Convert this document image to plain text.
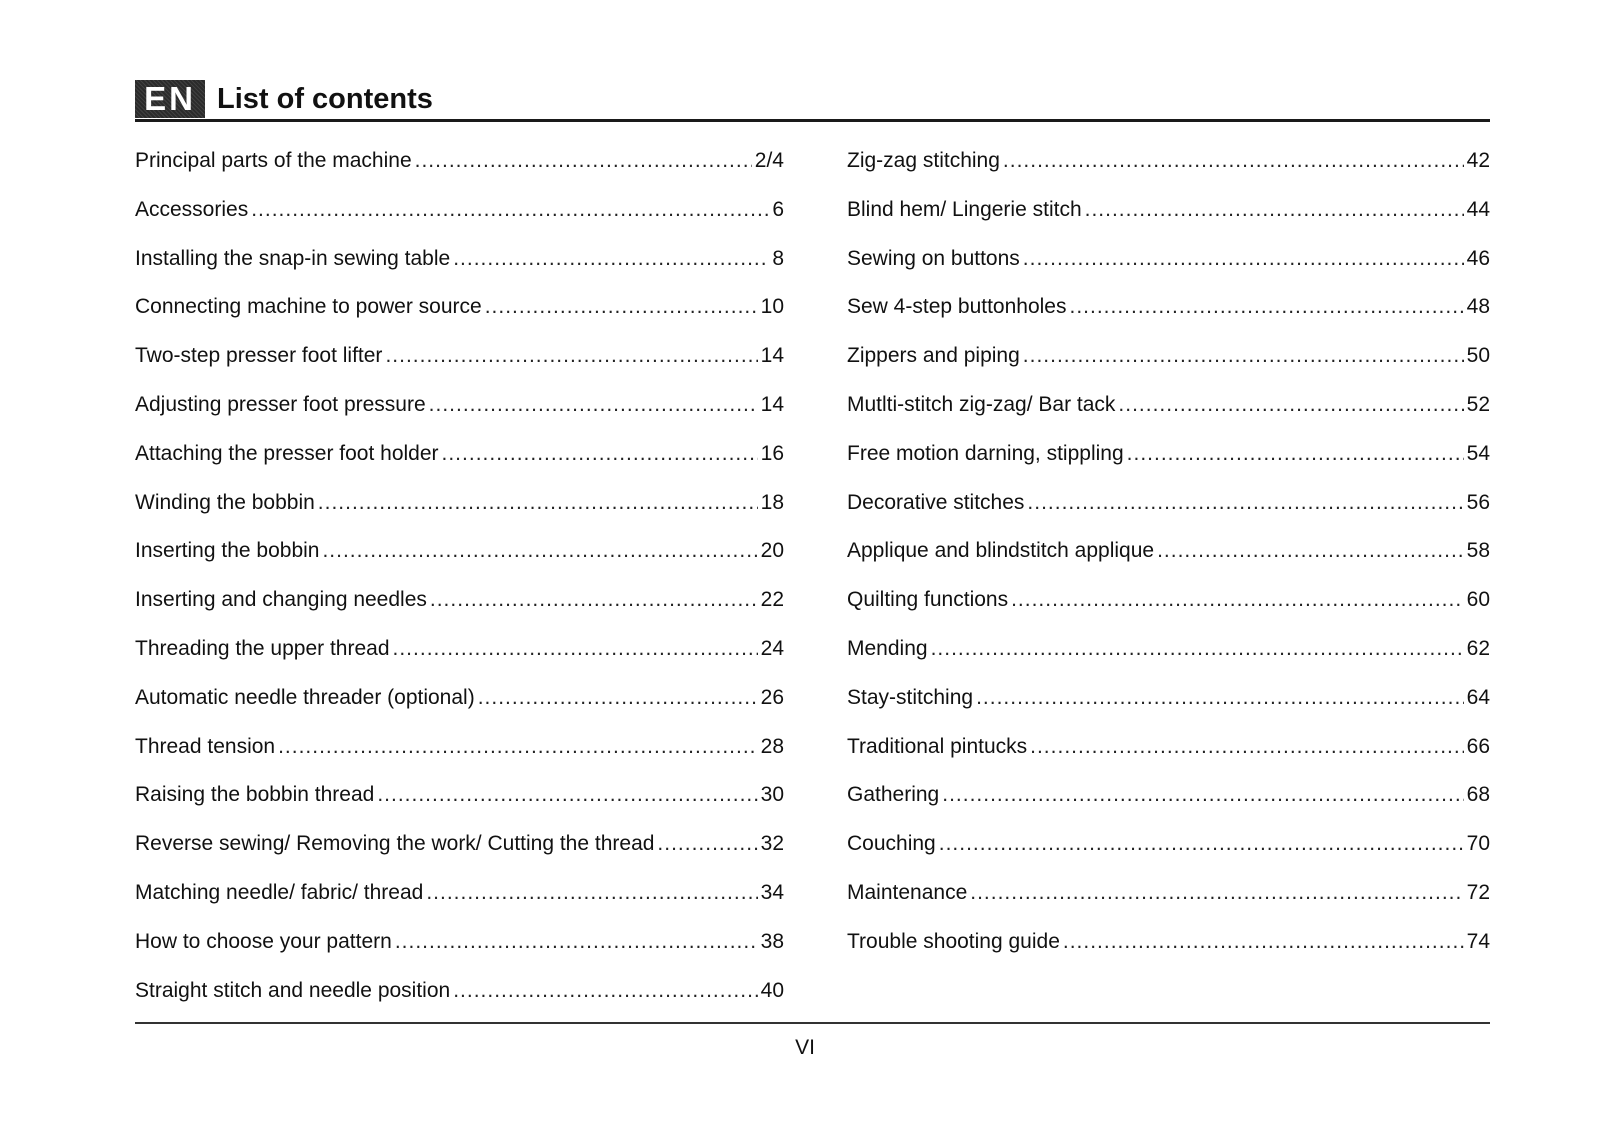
EN List of contents
Principal parts of the machine .....	2/4
Accessories .....	6
Installing the snap-in sewing table .....	8
Connecting machine to power source .....	10
Two-step presser foot lifter .....	14
Adjusting presser foot pressure .....	14
Attaching the presser foot holder .....	16
Winding the bobbin .....	18
Inserting the bobbin .....	20
Inserting and changing needles .....	22
Threading the upper thread .....	24
Automatic needle threader (optional) .....	26
Thread tension .....	28
Raising the bobbin thread .....	30
Reverse sewing/ Removing the work/ Cutting the thread .....	32
Matching needle/ fabric/ thread .....	34
How to choose your pattern .....	38
Straight stitch and needle position .....	40
Zig-zag stitching .....	42
Blind hem/ Lingerie stitch .....	44
Sewing on buttons .....	46
Sew 4-step buttonholes .....	48
Zippers and piping .....	50
Mutlti-stitch zig-zag/ Bar tack .....	52
Free motion darning, stippling .....	54
Decorative stitches .....	56
Applique and blindstitch applique .....	58
Quilting functions .....	60
Mending .....	62
Stay-stitching .....	64
Traditional pintucks .....	66
Gathering .....	68
Couching .....	70
Maintenance .....	72
Trouble shooting guide .....	74
VI
